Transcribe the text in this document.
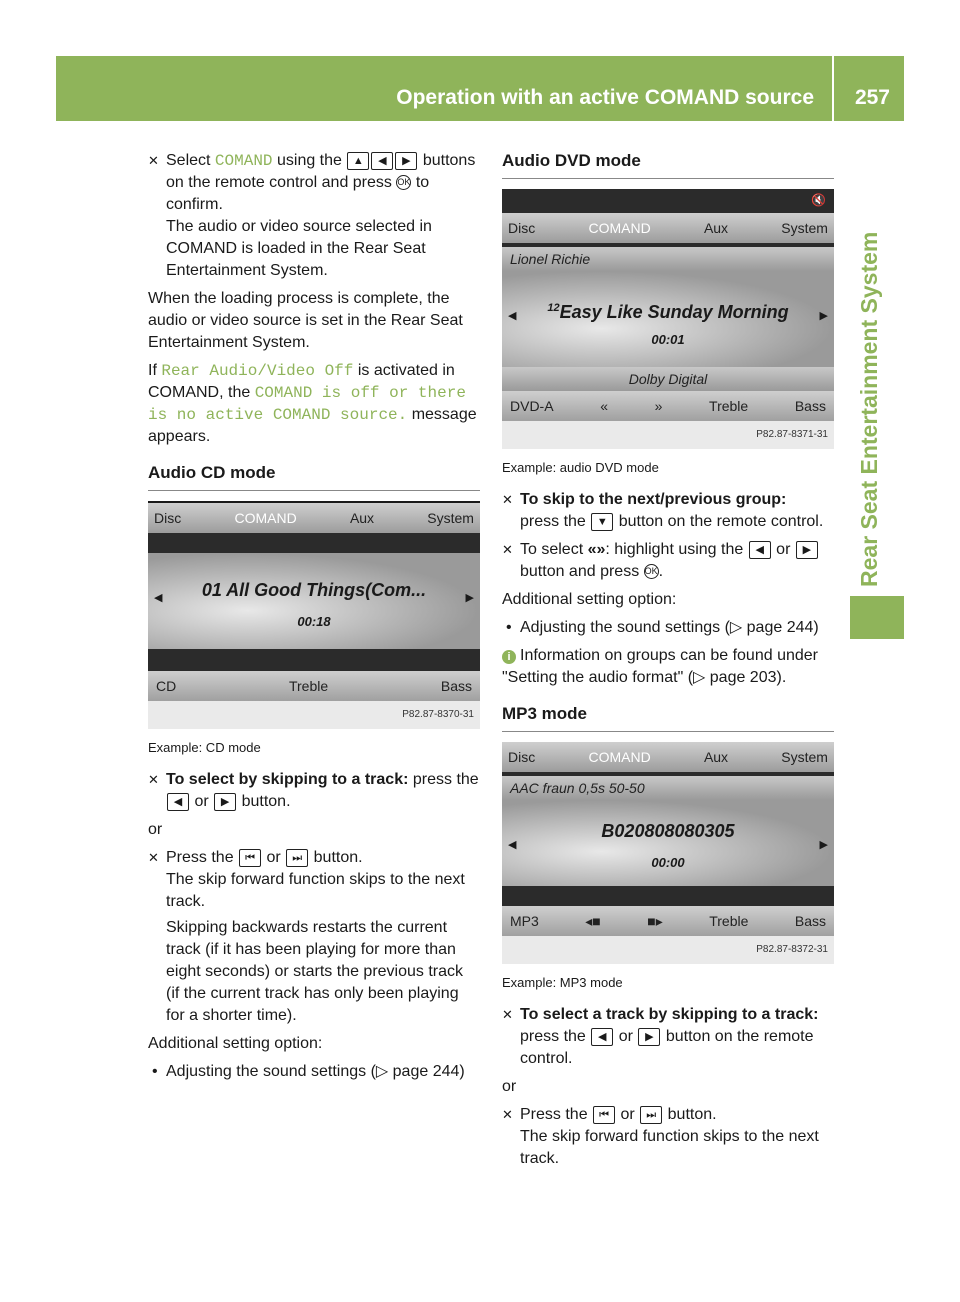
Operation with an active COMAND source 257
Rear Seat Entertainment System
✕ Select COMAND using the ▲ ◀ ▶ buttons on the remote control and press OK to confirm.
The audio or video source selected in COMAND is loaded in the Rear Seat Entertainment System.

When the loading process is complete, the audio or video source is set in the Rear Seat Entertainment System.

If Rear Audio/Video Off is activated in COMAND, the COMAND is off or there is no active COMAND source. message appears.

Audio CD mode
Disc	COMAND	Aux	System
◀	01 All Good Things(Com...
00:18
▶
CD	Treble	Bass
P82.87-8370-31
Example: CD mode
✕ To select by skipping to a track: press the ◀ or ▶ button.

or

✕ Press the ⏮ or ⏭ button.
The skip forward function skips to the next track.

Skipping backwards restarts the current track (if it has been playing for more than eight seconds) or starts the previous track (if the current track has only been playing for a shorter time).

Additional setting option:

• Adjusting the sound settings (▷ page 244)
Audio DVD mode
🔇
Disc	COMAND	Aux	System
Lionel Richie
◀
$^{12}$Easy Like Sunday Morning
00:01
▶
Dolby Digital
DVD-A	«	»	Treble	Bass
P82.87-8371-31
Example: audio DVD mode
✕ To skip to the next/previous group:
press the ▼ button on the remote control.
✕ To select «»: highlight using the ◀ or ▶ button and press OK.

Additional setting option:

• Adjusting the sound settings (▷ page 244)

i Information on groups can be found under "Setting the audio format" (▷ page 203).

MP3 mode
Disc	COMAND	Aux	System
AAC fraun 0,5s 50-50
◀
B020808080305
00:00
▶
MP3	◂■	■▸	Treble	Bass
P82.87-8372-31
Example: MP3 mode
✕ To select a track by skipping to a track: press the ◀ or ▶ button on the remote control.

or

✕ Press the ⏮ or ⏭ button.
The skip forward function skips to the next track.
